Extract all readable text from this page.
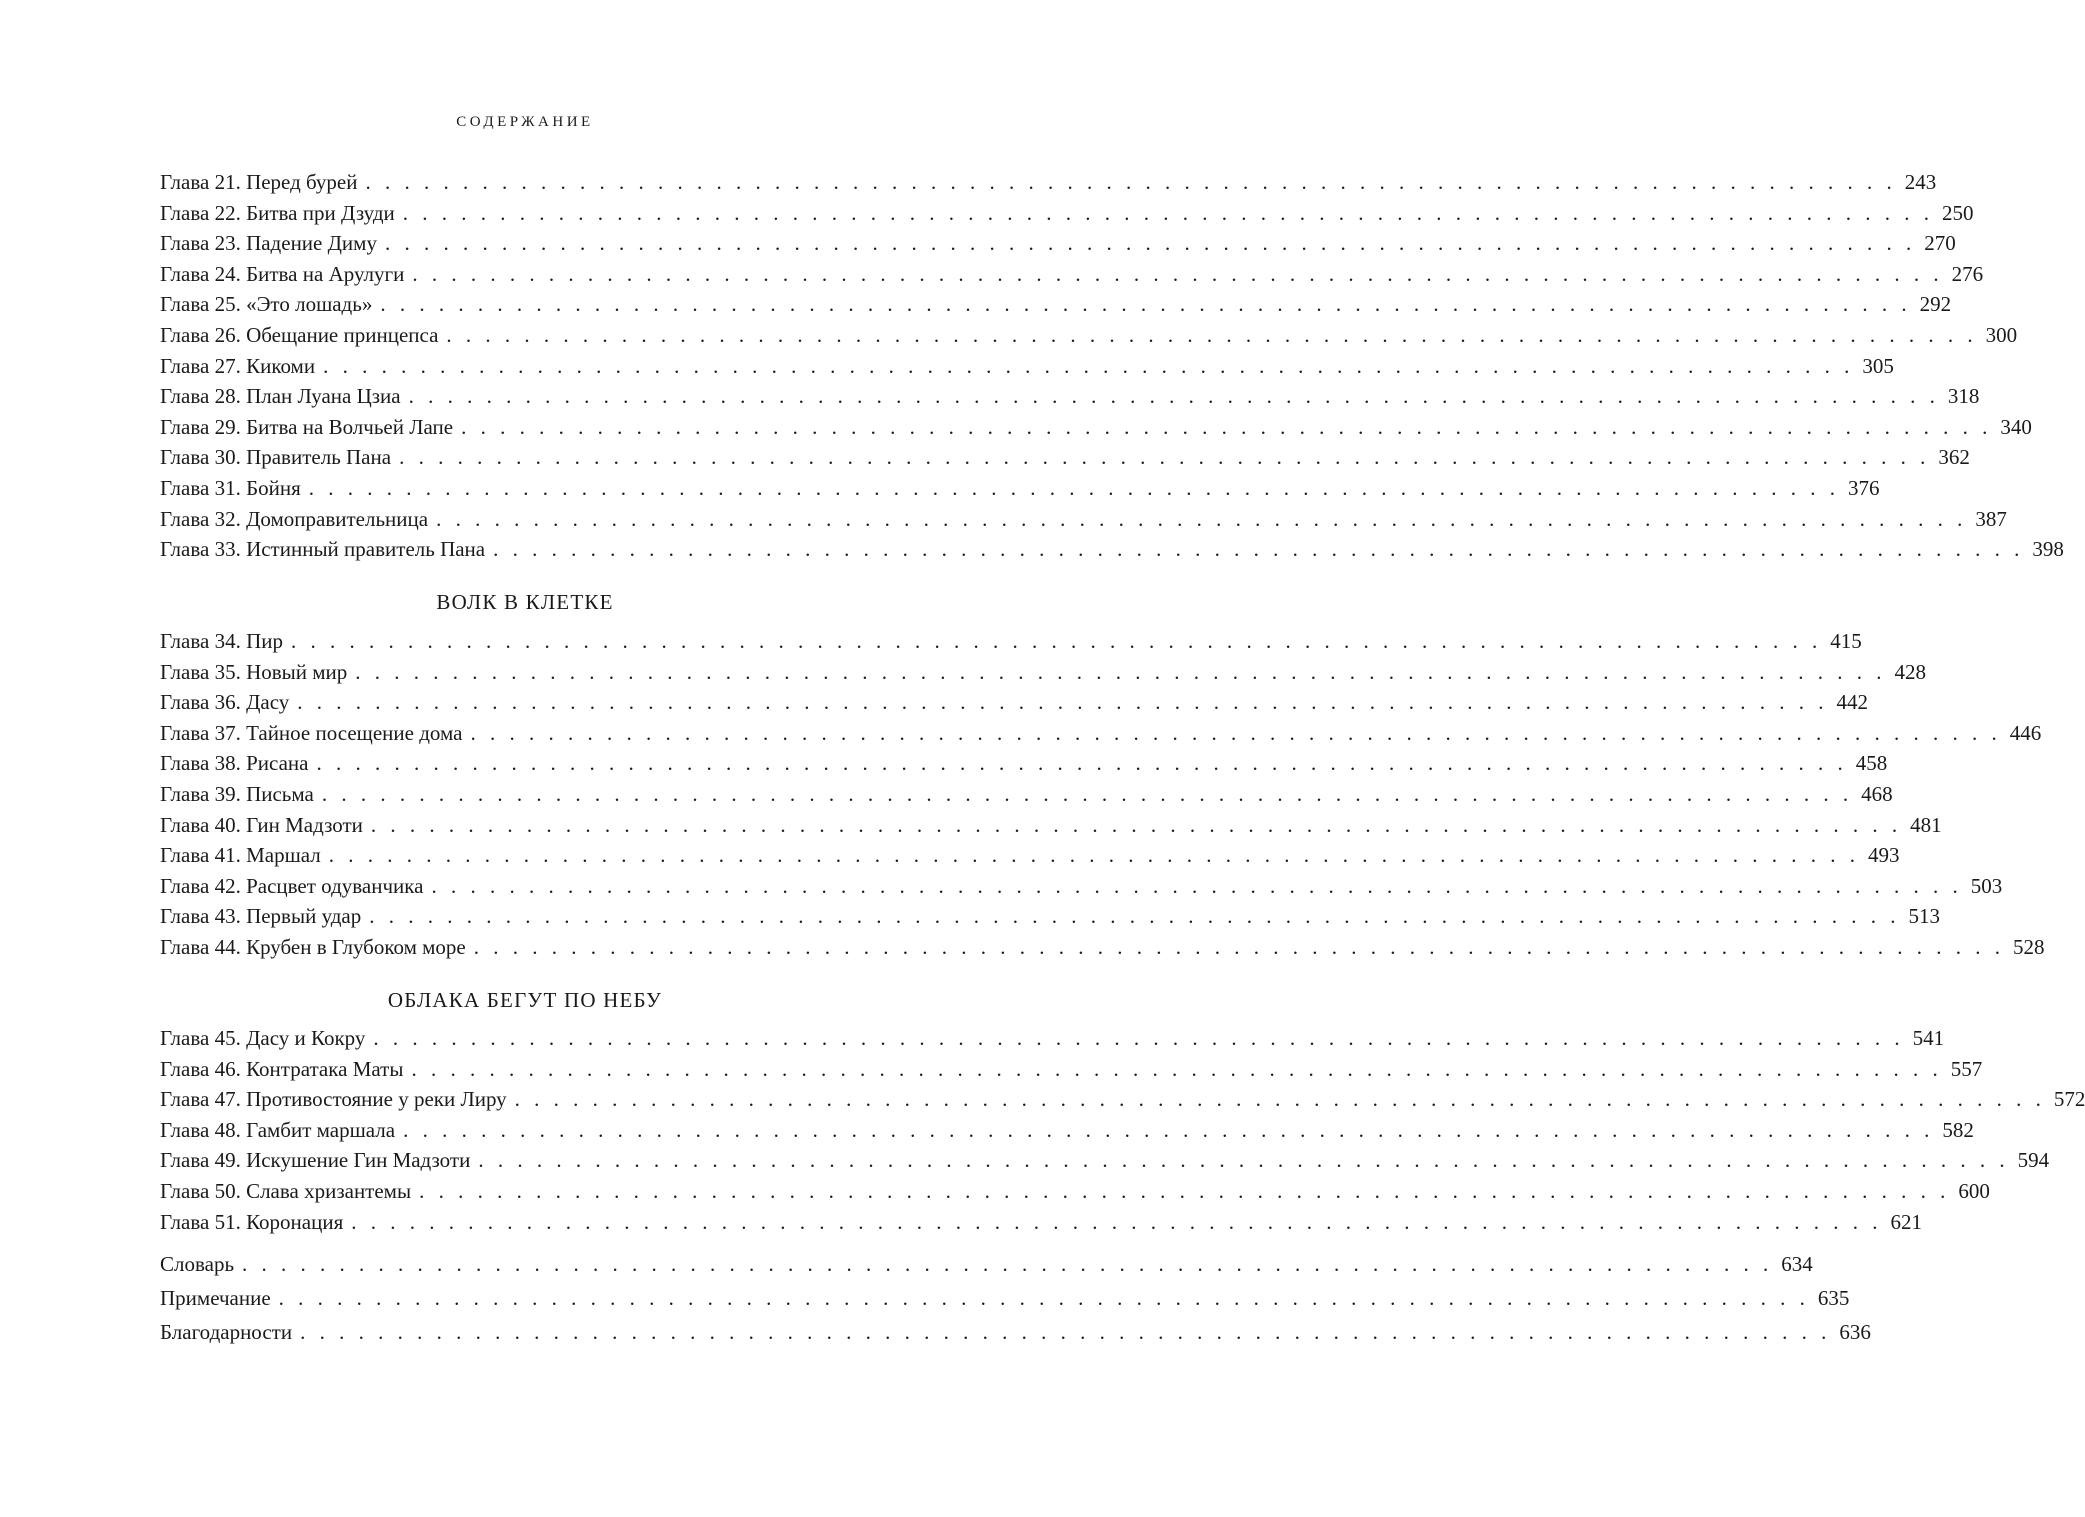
СОДЕРЖАНИЕ
Глава 21. Перед бурей . . . . . . . . . . . . . . . . . . . . . . . . . . . . . . . . . . . . . . . . . . . . . . . . . . . . . . . . . . . . . . . . . . . . . . . . . . . . . . . 243
Глава 22. Битва при Дзуди . . . . . . . . . . . . . . . . . . . . . . . . . . . . . . . . . . . . . . . . . . . . . . . . . . . . . . . . . . . . . . . . . . . . . . . . . . . . . . . 250
Глава 23. Падение Диму . . . . . . . . . . . . . . . . . . . . . . . . . . . . . . . . . . . . . . . . . . . . . . . . . . . . . . . . . . . . . . . . . . . . . . . . . . . . . . . 270
Глава 24. Битва на Арулуги . . . . . . . . . . . . . . . . . . . . . . . . . . . . . . . . . . . . . . . . . . . . . . . . . . . . . . . . . . . . . . . . . . . . . . . . . . . . . . . 276
Глава 25. «Это лошадь» . . . . . . . . . . . . . . . . . . . . . . . . . . . . . . . . . . . . . . . . . . . . . . . . . . . . . . . . . . . . . . . . . . . . . . . . . . . . . . . 292
Глава 26. Обещание принцепса . . . . . . . . . . . . . . . . . . . . . . . . . . . . . . . . . . . . . . . . . . . . . . . . . . . . . . . . . . . . . . . . . . . . . . . . . . . . . . . 300
Глава 27. Кикоми . . . . . . . . . . . . . . . . . . . . . . . . . . . . . . . . . . . . . . . . . . . . . . . . . . . . . . . . . . . . . . . . . . . . . . . . . . . . . . . 305
Глава 28. План Луана Цзиа . . . . . . . . . . . . . . . . . . . . . . . . . . . . . . . . . . . . . . . . . . . . . . . . . . . . . . . . . . . . . . . . . . . . . . . . . . . . . . . 318
Глава 29. Битва на Волчьей Лапе . . . . . . . . . . . . . . . . . . . . . . . . . . . . . . . . . . . . . . . . . . . . . . . . . . . . . . . . . . . . . . . . . . . . . . . . . . . . . . . 340
Глава 30. Правитель Пана . . . . . . . . . . . . . . . . . . . . . . . . . . . . . . . . . . . . . . . . . . . . . . . . . . . . . . . . . . . . . . . . . . . . . . . . . . . . . . . 362
Глава 31. Бойня . . . . . . . . . . . . . . . . . . . . . . . . . . . . . . . . . . . . . . . . . . . . . . . . . . . . . . . . . . . . . . . . . . . . . . . . . . . . . . . 376
Глава 32. Домоправительница . . . . . . . . . . . . . . . . . . . . . . . . . . . . . . . . . . . . . . . . . . . . . . . . . . . . . . . . . . . . . . . . . . . . . . . . . . . . . . . 387
Глава 33. Истинный правитель Пана . . . . . . . . . . . . . . . . . . . . . . . . . . . . . . . . . . . . . . . . . . . . . . . . . . . . . . . . . . . . . . . . . . . . . . . . . . . . . . . 398
ВОЛК В КЛЕТКЕ
Глава 34. Пир . . . . . . . . . . . . . . . . . . . . . . . . . . . . . . . . . . . . . . . . . . . . . . . . . . . . . . . . . . . . . . . . . . . . . . . . . . . . . . . 415
Глава 35. Новый мир . . . . . . . . . . . . . . . . . . . . . . . . . . . . . . . . . . . . . . . . . . . . . . . . . . . . . . . . . . . . . . . . . . . . . . . . . . . . . . . 428
Глава 36. Дасу . . . . . . . . . . . . . . . . . . . . . . . . . . . . . . . . . . . . . . . . . . . . . . . . . . . . . . . . . . . . . . . . . . . . . . . . . . . . . . . 442
Глава 37. Тайное посещение дома . . . . . . . . . . . . . . . . . . . . . . . . . . . . . . . . . . . . . . . . . . . . . . . . . . . . . . . . . . . . . . . . . . . . . . . . . . . . . . . 446
Глава 38. Рисана . . . . . . . . . . . . . . . . . . . . . . . . . . . . . . . . . . . . . . . . . . . . . . . . . . . . . . . . . . . . . . . . . . . . . . . . . . . . . . . 458
Глава 39. Письма . . . . . . . . . . . . . . . . . . . . . . . . . . . . . . . . . . . . . . . . . . . . . . . . . . . . . . . . . . . . . . . . . . . . . . . . . . . . . . . 468
Глава 40. Гин Мадзоти . . . . . . . . . . . . . . . . . . . . . . . . . . . . . . . . . . . . . . . . . . . . . . . . . . . . . . . . . . . . . . . . . . . . . . . . . . . . . . . 481
Глава 41. Маршал . . . . . . . . . . . . . . . . . . . . . . . . . . . . . . . . . . . . . . . . . . . . . . . . . . . . . . . . . . . . . . . . . . . . . . . . . . . . . . . 493
Глава 42. Расцвет одуванчика . . . . . . . . . . . . . . . . . . . . . . . . . . . . . . . . . . . . . . . . . . . . . . . . . . . . . . . . . . . . . . . . . . . . . . . . . . . . . . . 503
Глава 43. Первый удар . . . . . . . . . . . . . . . . . . . . . . . . . . . . . . . . . . . . . . . . . . . . . . . . . . . . . . . . . . . . . . . . . . . . . . . . . . . . . . . 513
Глава 44. Крубен в Глубоком море . . . . . . . . . . . . . . . . . . . . . . . . . . . . . . . . . . . . . . . . . . . . . . . . . . . . . . . . . . . . . . . . . . . . . . . . . . . . . . . 528
ОБЛАКА БЕГУТ ПО НЕБУ
Глава 45. Дасу и Кокру . . . . . . . . . . . . . . . . . . . . . . . . . . . . . . . . . . . . . . . . . . . . . . . . . . . . . . . . . . . . . . . . . . . . . . . . . . . . . . . 541
Глава 46. Контратака Маты . . . . . . . . . . . . . . . . . . . . . . . . . . . . . . . . . . . . . . . . . . . . . . . . . . . . . . . . . . . . . . . . . . . . . . . . . . . . . . . 557
Глава 47. Противостояние у реки Лиру . . . . . . . . . . . . . . . . . . . . . . . . . . . . . . . . . . . . . . . . . . . . . . . . . . . . . . . . . . . . . . . . . . . . . . . . . . . . . . . 572
Глава 48. Гамбит маршала . . . . . . . . . . . . . . . . . . . . . . . . . . . . . . . . . . . . . . . . . . . . . . . . . . . . . . . . . . . . . . . . . . . . . . . . . . . . . . . 582
Глава 49. Искушение Гин Мадзоти . . . . . . . . . . . . . . . . . . . . . . . . . . . . . . . . . . . . . . . . . . . . . . . . . . . . . . . . . . . . . . . . . . . . . . . . . . . . . . . 594
Глава 50. Слава хризантемы . . . . . . . . . . . . . . . . . . . . . . . . . . . . . . . . . . . . . . . . . . . . . . . . . . . . . . . . . . . . . . . . . . . . . . . . . . . . . . . 600
Глава 51. Коронация . . . . . . . . . . . . . . . . . . . . . . . . . . . . . . . . . . . . . . . . . . . . . . . . . . . . . . . . . . . . . . . . . . . . . . . . . . . . . . . 621
Словарь . . . . . . . . . . . . . . . . . . . . . . . . . . . . . . . . . . . . . . . . . . . . . . . . . . . . . . . . . . . . . . . . . . . . . . . . . . . . . . . 634
Примечание . . . . . . . . . . . . . . . . . . . . . . . . . . . . . . . . . . . . . . . . . . . . . . . . . . . . . . . . . . . . . . . . . . . . . . . . . . . . . . . 635
Благодарности . . . . . . . . . . . . . . . . . . . . . . . . . . . . . . . . . . . . . . . . . . . . . . . . . . . . . . . . . . . . . . . . . . . . . . . . . . . . . . . 636
